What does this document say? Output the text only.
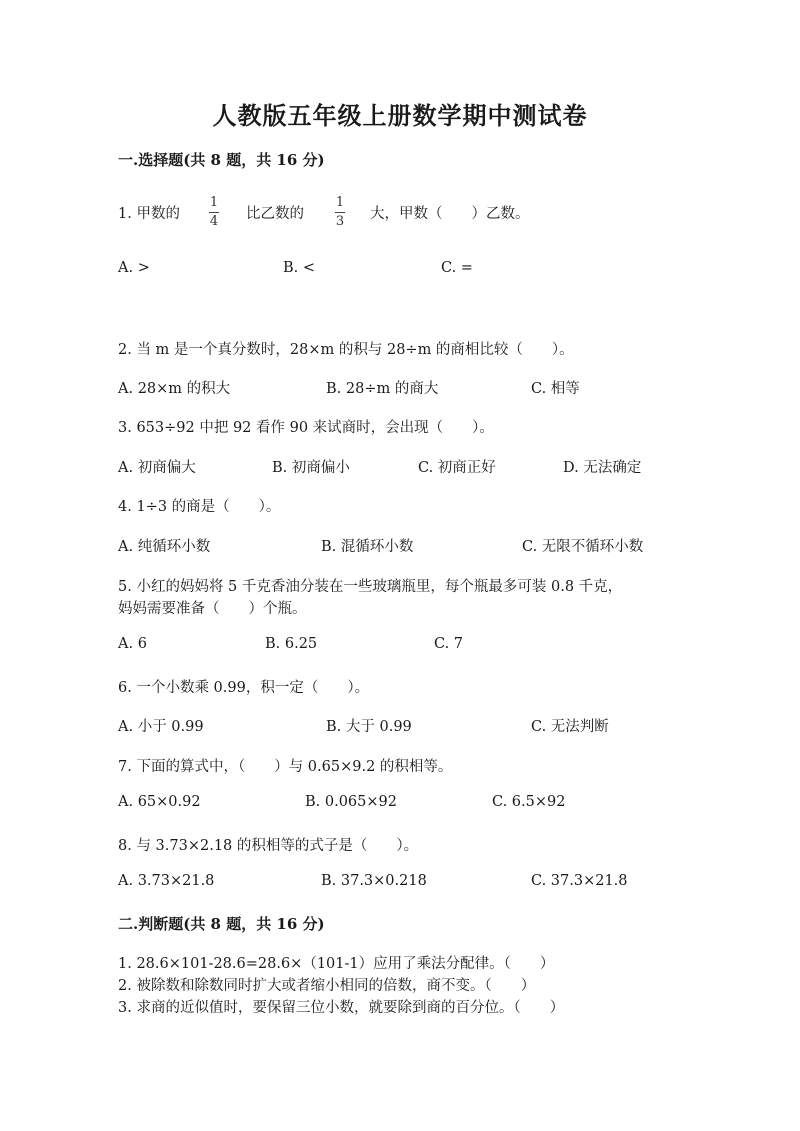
人教版五年级上册数学期中测试卷
一.选择题(共 8 题，共 16 分)
1. 甲数的
1
4 比乙数的
1
3 大，甲数（　　）乙数。
A. >	B. <	C. =
2. 当 m 是一个真分数时，28×m 的积与 28÷m 的商相比较（　　）。
A. 28×m 的积大	B. 28÷m 的商大	C. 相等
3. 653÷92 中把 92 看作 90 来试商时，会出现（　　）。
A. 初商偏大	B. 初商偏小	C. 初商正好	D. 无法确定
4. 1÷3 的商是（　　）。
A. 纯循环小数	B. 混循环小数	C. 无限不循环小数
5. 小红的妈妈将 5 千克香油分装在一些玻璃瓶里，每个瓶最多可装 0.8 千克，
妈妈需要准备（　　）个瓶。
A. 6	B. 6.25	C. 7
6. 一个小数乘 0.99，积一定（　　）。
A. 小于 0.99	B. 大于 0.99	C. 无法判断
7. 下面的算式中，（　　）与 0.65×9.2 的积相等。
A. 65×0.92	B. 0.065×92	C. 6.5×92
8. 与 3.73×2.18 的积相等的式子是（　　）。
A. 3.73×21.8	B. 37.3×0.218	C. 37.3×21.8
二.判断题(共 8 题，共 16 分)
1. 28.6×101-28.6=28.6×（101-1）应用了乘法分配律。（　　）
2. 被除数和除数同时扩大或者缩小相同的倍数，商不变。（　　）
3. 求商的近似值时，要保留三位小数，就要除到商的百分位。（　　）
